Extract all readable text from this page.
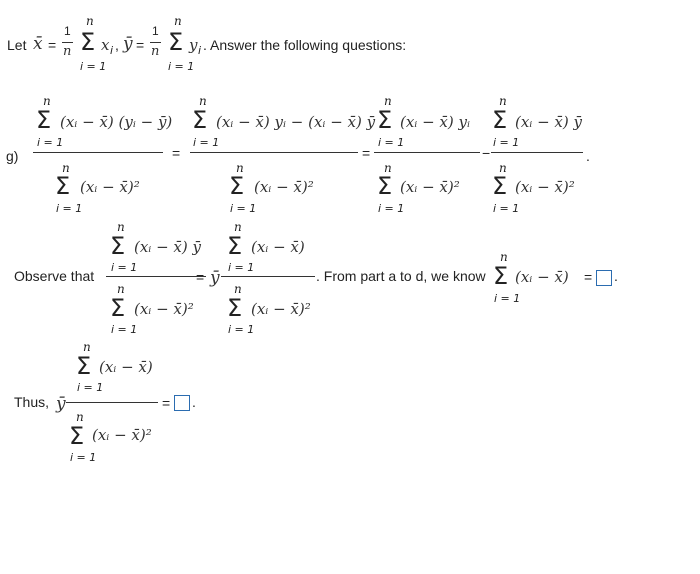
Let x̄ =
1
n
n
Σ
i = 1
x i , ȳ =
1
n
n
Σ
i = 1
y i . Answer the following questions:
g)
n
Σ
i = 1
(xᵢ − x̄) (yᵢ − ȳ)
n
Σ
i = 1
(xᵢ − x̄)²
=
n
Σ
i = 1
(xᵢ − x̄) yᵢ − (xᵢ − x̄) ȳ
n
Σ
i = 1
(xᵢ − x̄)²
=
n
Σ
i = 1
(xᵢ − x̄) yᵢ
n
Σ
i = 1
(xᵢ − x̄)²
−
n
Σ
i = 1
(xᵢ − x̄) ȳ
n
Σ
i = 1
(xᵢ − x̄)²
.
Observe that
n
Σ
i = 1
(xᵢ − x̄) ȳ
n
Σ
i = 1
(xᵢ − x̄)²
= ȳ
n
Σ
i = 1
(xᵢ − x̄)
n
Σ
i = 1
(xᵢ − x̄)²
. From part a to d, we know
n
Σ
i = 1
(xᵢ − x̄) = .
Thus, ȳ
n
Σ
i = 1
(xᵢ − x̄)
n
Σ
i = 1
(xᵢ − x̄)²
= .
